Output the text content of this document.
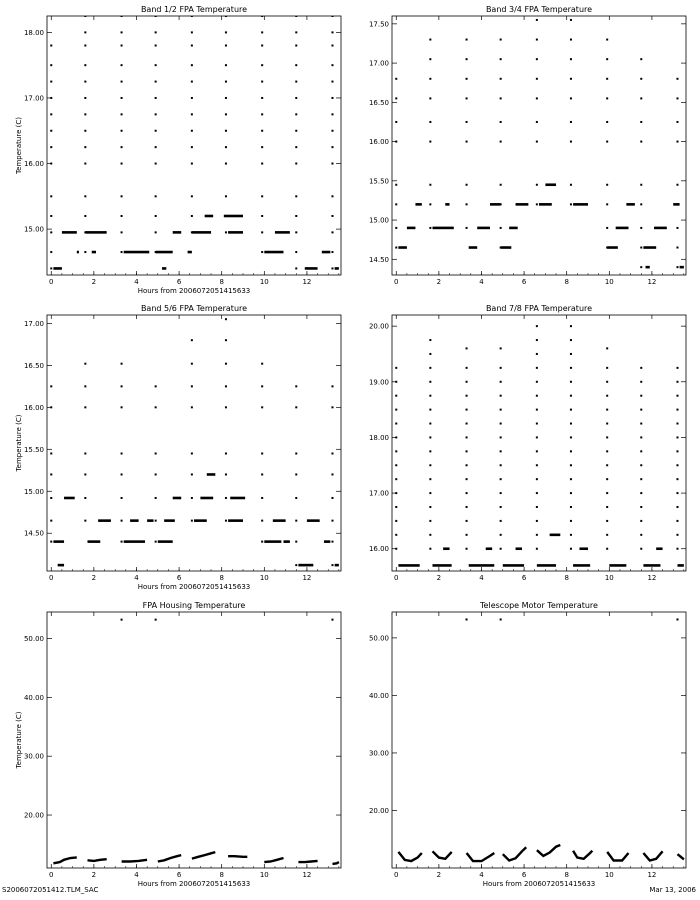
Band 1/2 FPA Temperature
0	2	4	6	8	10	12
15.00
16.00
17.00
18.00
Hours from 2006072051415633
Temperature (C)
Band 3/4 FPA Temperature
0	2	4	6	8	10	12
14.50
15.00
15.50
16.00
16.50
17.00
17.50
Band 5/6 FPA Temperature
0	2	4	6	8	10	12
14.50
15.00
15.50
16.00
16.50
17.00
Hours from 2006072051415633
Temperature (C)
Band 7/8 FPA Temperature
0	2	4	6	8	10	12
16.00
17.00
18.00
19.00
20.00
FPA Housing Temperature
0	2	4	6	8	10	12
20.00
30.00
40.00
50.00
Hours from 2006072051415633
Temperature (C)
Telescope Motor Temperature
0	2	4	6	8	10	12
20.00
30.00
40.00
50.00
Hours from 2006072051415633
S2006072051412.TLM_SAC	Mar 13, 2006
